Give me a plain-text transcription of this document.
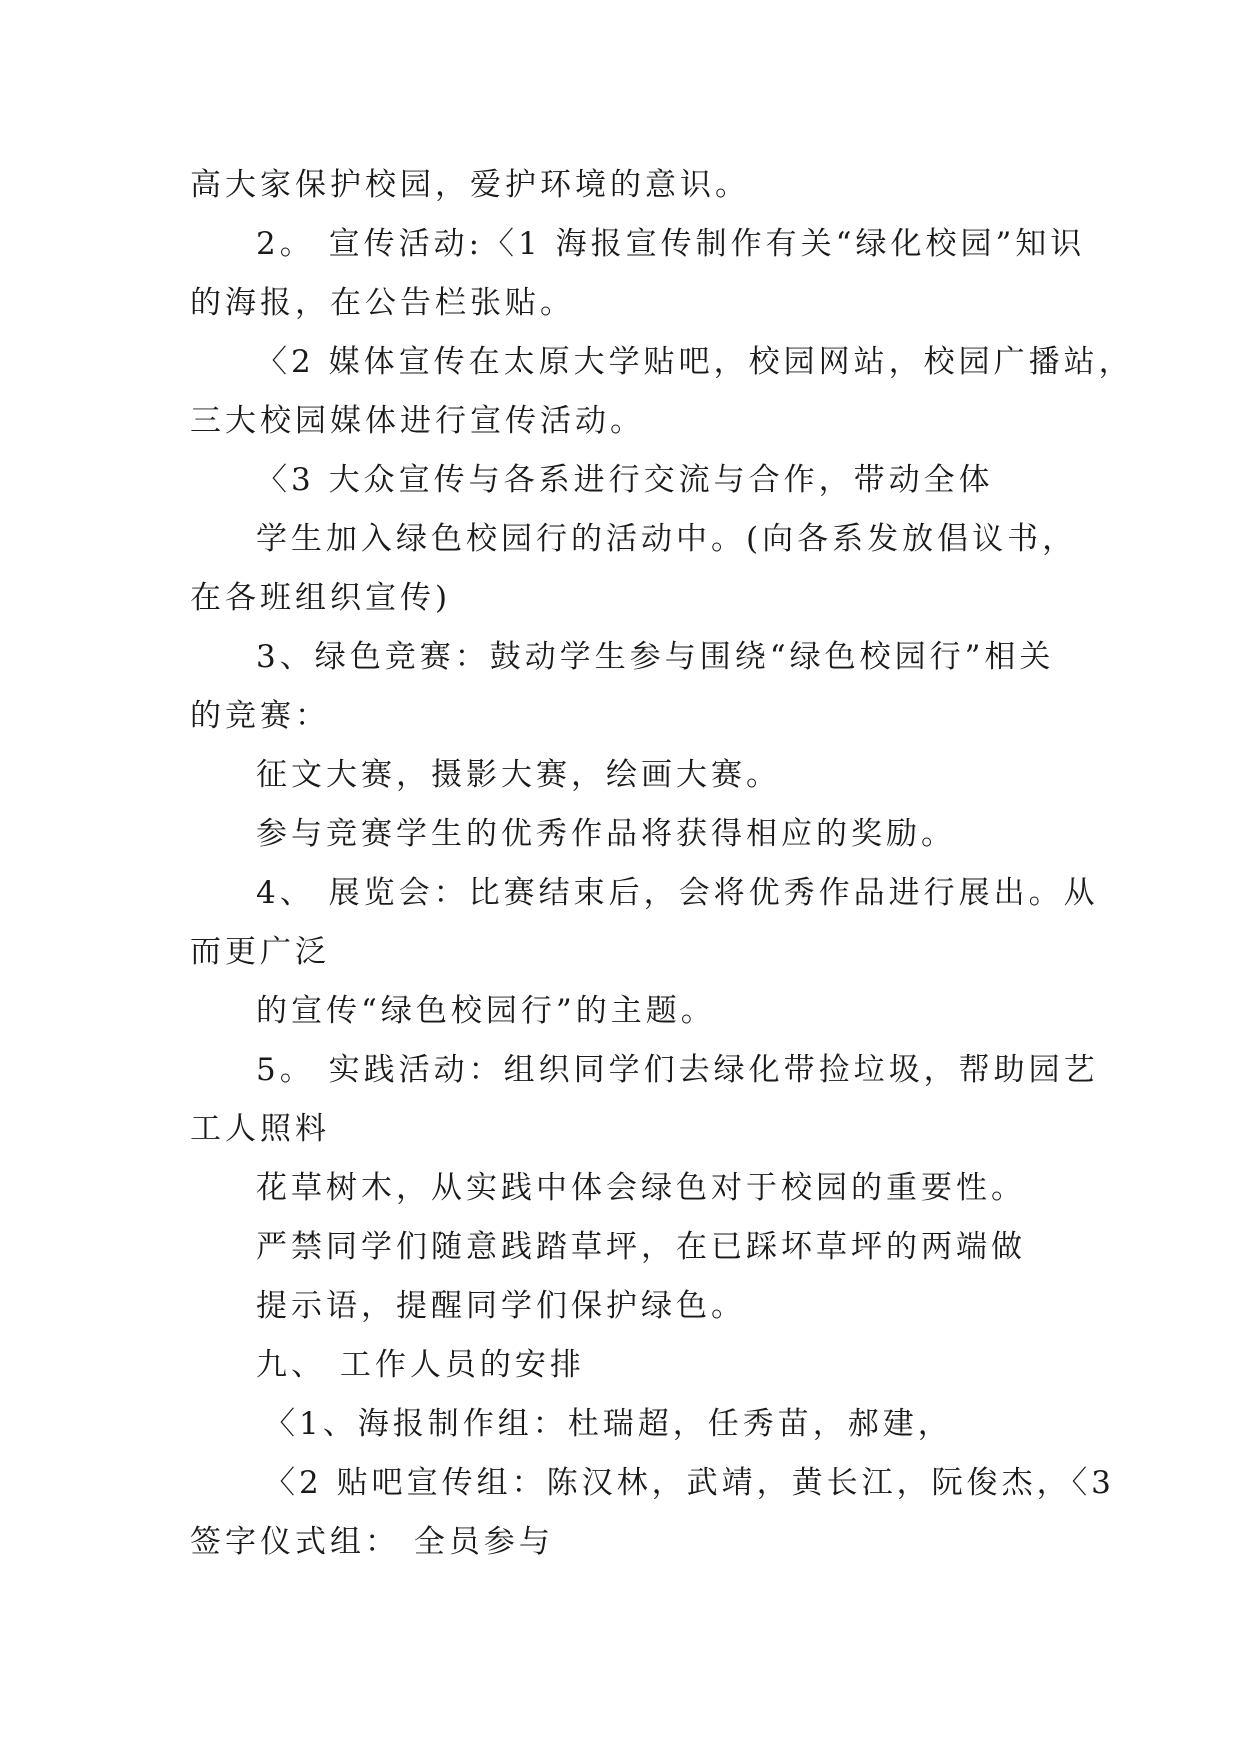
高大家保护校园，爱护环境的意识。

2。 宣传活动:〈1 海报宣传制作有关“绿化校园”知识

的海报，在公告栏张贴。

〈2 媒体宣传在太原大学贴吧，校园网站，校园广播站，

三大校园媒体进行宣传活动。

〈3 大众宣传与各系进行交流与合作，带动全体

学生加入绿色校园行的活动中。(向各系发放倡议书，

在各班组织宣传)

3、绿色竞赛：鼓动学生参与围绕“绿色校园行”相关

的竞赛：

征文大赛，摄影大赛，绘画大赛。

参与竞赛学生的优秀作品将获得相应的奖励。

4、 展览会：比赛结束后，会将优秀作品进行展出。从

而更广泛

的宣传“绿色校园行”的主题。

5。 实践活动：组织同学们去绿化带捡垃圾，帮助园艺

工人照料

花草树木，从实践中体会绿色对于校园的重要性。

严禁同学们随意践踏草坪，在已踩坏草坪的两端做

提示语，提醒同学们保护绿色。

九、 工作人员的安排

〈1、海报制作组：杜瑞超，任秀苗，郝建，

〈2 贴吧宣传组：陈汉林，武靖，黄长江，阮俊杰，〈3

签字仪式组： 全员参与
